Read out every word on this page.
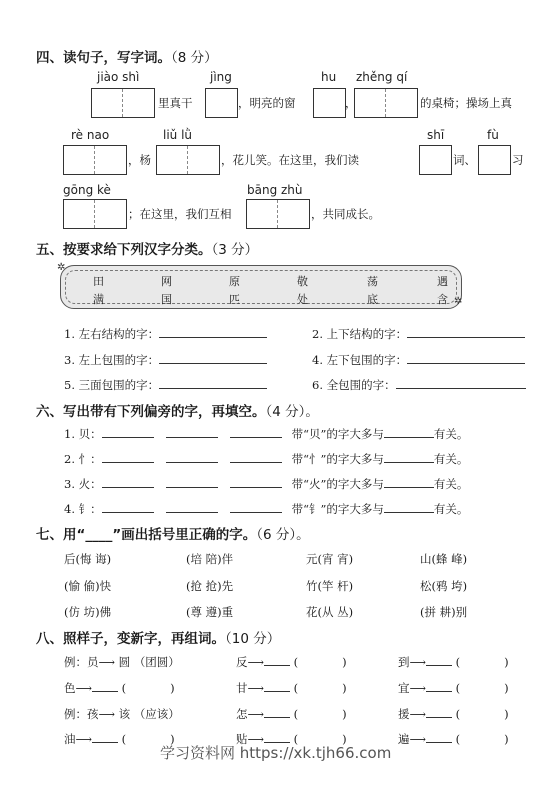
四、读句子，写字词。（8 分）
jiào shì
里真干
jìng
，明亮的窗
hu
，
zhěng qí
的桌椅；操场上真
rè nao
，杨
liǔ lǜ
，花儿笑。在这里，我们读
shī
词、
fù
习
gōng kè
；在这里，我们互相
bāng zhù
，共同成长。
五、按要求给下列汉字分类。（3 分）
田	网	原	敬	荡	遇
满	国	匹	处	底	含
✲
✲
1. 左右结构的字：	2. 上下结构的字：
3. 左上包围的字：	4. 左下包围的字：
5. 三面包围的字：	6. 全包围的字：
六、写出带有下列偏旁的字，再填空。（4 分）。
1. 贝：	带“贝”的字大多与	有关。
2. 忄：	带“忄”的字大多与	有关。
3. 火：	带“火”的字大多与	有关。
4. 钅：	带“钅”的字大多与	有关。
七、用“____”画出括号里正确的字。（6 分）。
后(悔 诲)	(培 陪)伴	元(宵 宵)	山(蜂 峰)
(愉 偷)快	(抢 抢)先	竹(竿 杆)	松(鸦 垮)
(仿 坊)佛	(尊 遵)重	花(从 丛)	(拼 耕)别
八、照样子，变新字，再组词。（10 分）
例：员⟶ 圆 （团圆）	反⟶	(	)	到⟶	(	)
色⟶	(	)	甘⟶	(	)	宜⟶	(	)
例：孩⟶ 该 （应该）	怎⟶	(	)	援⟶	(	)
油⟶	(	)	贴⟶	(	)	遍⟶	(	)
学习资料网 https://xk.tjh66.com
